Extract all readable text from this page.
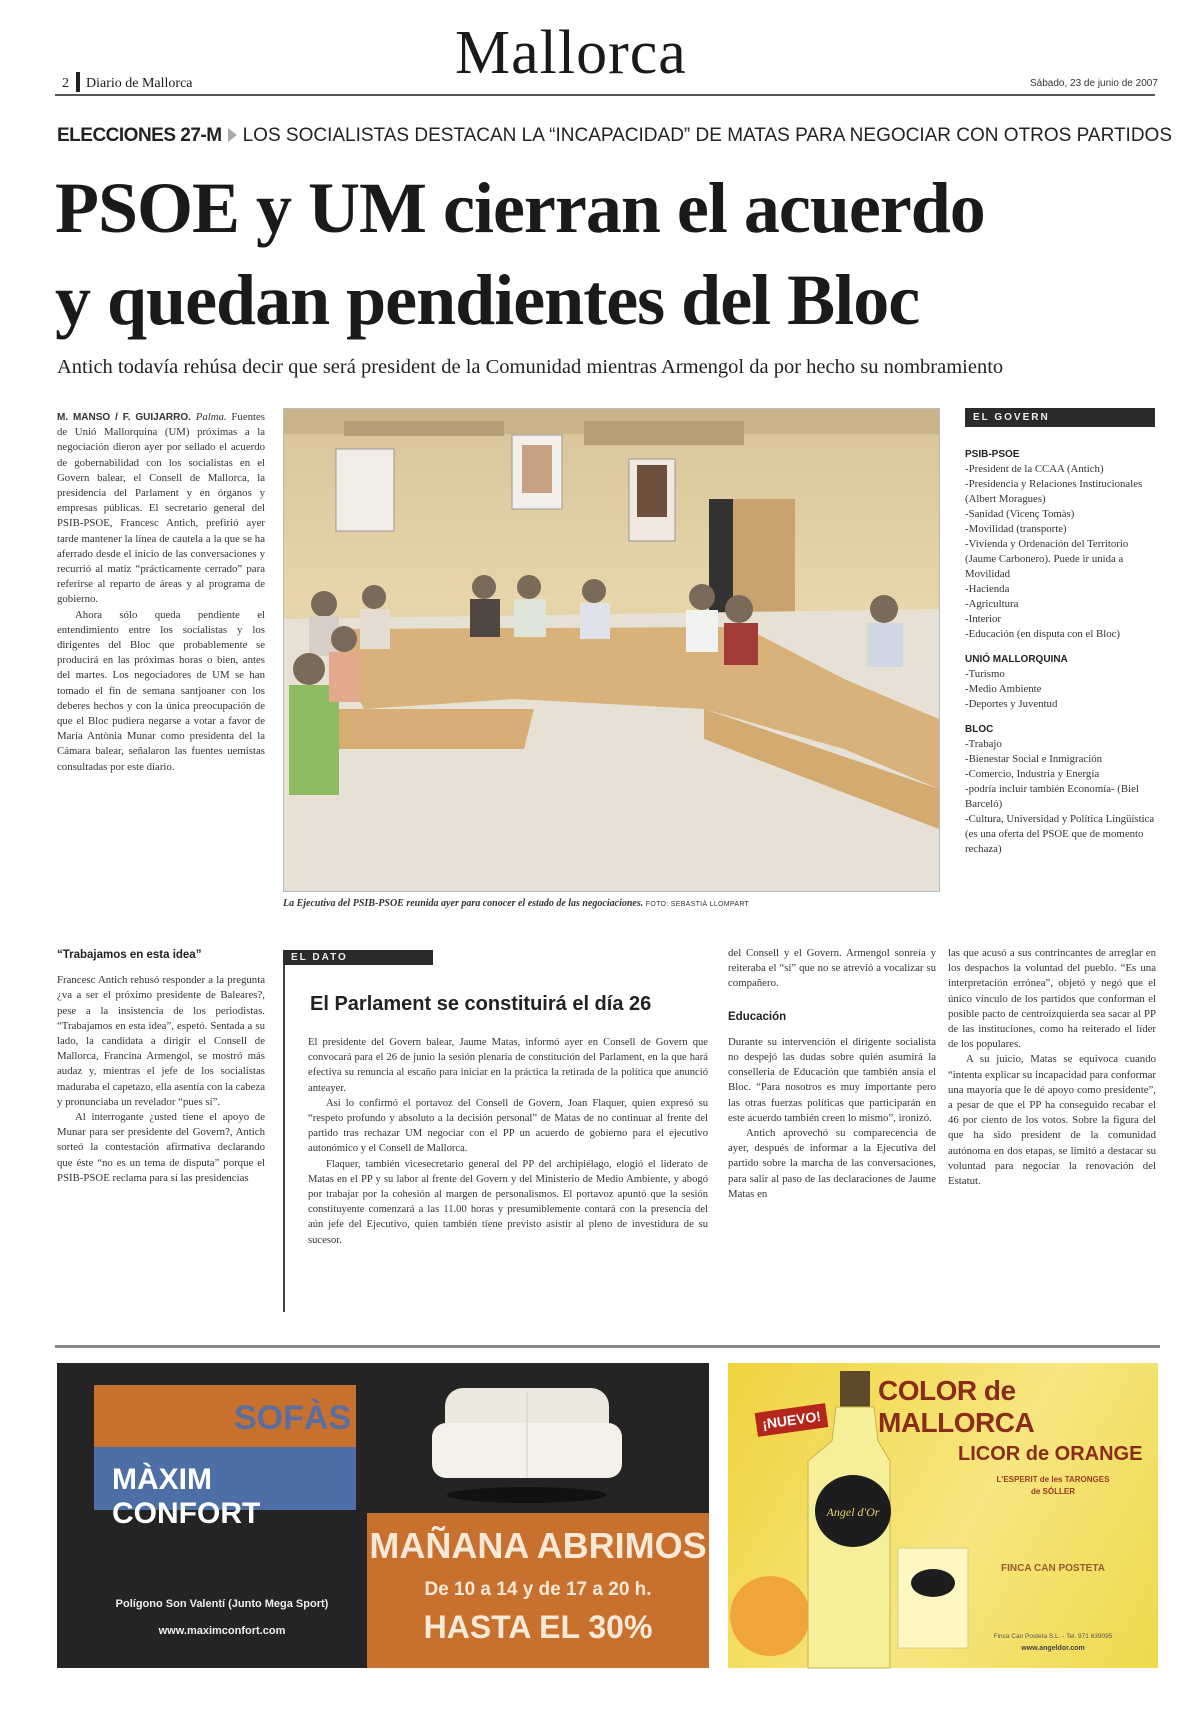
2 Diario de Mallorca	Mallorca	Sábado, 23 de junio de 2007
ELECCIONES 27-M LOS SOCIALISTAS DESTACAN LA “INCAPACIDAD” DE MATAS PARA NEGOCIAR CON OTROS PARTIDOS
PSOE y UM cierran el acuerdo
y quedan pendientes del Bloc
Antich todavía rehúsa decir que será president de la Comunidad mientras Armengol da por hecho su nombramiento

M. MANSO / F. GUIJARRO. Palma. Fuentes de Unió Mallorquina (UM) próximas a la negociación dieron ayer por sellado el acuerdo de gobernabilidad con los socialistas en el Govern balear, el Consell de Mallorca, la presidencia del Parlament y en órganos y empresas públicas. El secretario general del PSIB-PSOE, Francesc Antich, prefirió ayer tarde mantener la línea de cautela a la que se ha aferrado desde el inicio de las conversaciones y recurrió al matiz “prácticamente cerrado” para referirse al reparto de áreas y al programa de gobierno.

Ahora sólo queda pendiente el entendimiento entre los socialistas y los dirigentes del Bloc que probablemente se producirá en las próximas horas o bien, antes del martes. Los negociadores de UM se han tomado el fin de semana santjoaner con los deberes hechos y con la única preocupación de que el Bloc pudiera negarse a votar a favor de Maria Antònia Munar como presidenta del la Cámara balear, señalaron las fuentes uemistas consultadas por este diario.

La Ejecutiva del PSIB-PSOE reunida ayer para conocer el estado de las negociaciones. FOTO: SEBASTIÀ LLOMPART
EL GOVERN
PSIB-PSOE

-President de la CCAA (Antich)

-Presidencia y Relaciones Institucionales (Albert Moragues)

-Sanidad (Vicenç Tomàs)

-Movilidad (transporte)

-Vivienda y Ordenación del Territorio (Jaume Carbonero). Puede ir unida a Movilidad

-Hacienda

-Agricultura

-Interior

-Educación (en disputa con el Bloc)

UNIÓ MALLORQUINA

-Turismo

-Medio Ambiente

-Deportes y Juventud

BLOC

-Trabajo

-Bienestar Social e Inmigración

-Comercio, Industria y Energía

-podría incluir también Economía- (Biel Barceló)

-Cultura, Universidad y Política Lingüística (es una oferta del PSOE que de momento rechaza)

“Trabajamos en esta idea”

Francesc Antich rehusó responder a la pregunta ¿va a ser el próximo presidente de Baleares?, pese a la insistencia de los periodistas. “Trabajamos en esta idea”, espetó. Sentada a su lado, la candidata a dirigir el Consell de Mallorca, Francina Armengol, se mostró más audaz y, mientras el jefe de los socialistas maduraba el capetazo, ella asentía con la cabeza y pronunciaba un revelador “pues sí”.

Al interrogante ¿usted tiene el apoyo de Munar para ser presidente del Govern?, Antich sorteó la contestación afirmativa declarando que éste “no es un tema de disputa” porque el PSIB-PSOE reclama para sí las presidencias

EL DATO
El Parlament se constituirá el día 26

El presidente del Govern balear, Jaume Matas, informó ayer en Consell de Govern que convocará para el 26 de junio la sesión plenaria de constitución del Parlament, en la que hará efectiva su renuncia al escaño para iniciar en la práctica la retirada de la política que anunció anteayer.

Así lo confirmó el portavoz del Consell de Govern, Joan Flaquer, quien expresó su “respeto profundo y absoluto a la decisión personal” de Matas de no continuar al frente del partido tras rechazar UM negociar con el PP un acuerdo de gobierno para el ejecutivo autonómico y el Consell de Mallorca.

Flaquer, también vicesecretario general del PP del archipiélago, elogió el liderato de Matas en el PP y su labor al frente del Govern y del Ministerio de Medio Ambiente, y abogó por trabajar por la cohesión al margen de personalismos. El portavoz apuntó que la sesión constituyente comenzará a las 11.00 horas y presumiblemente contará con la presencia del aún jefe del Ejecutivo, quien también tiene previsto asistir al pleno de investidura de su sucesor.

del Consell y el Govern. Armengol sonreía y reiteraba el “sí” que no se atrevió a vocalizar su compañero.

Educación

Durante su intervención el dirigente socialista no despejó las dudas sobre quién asumirá la conselleria de Educación que también ansía el Bloc. “Para nosotros es muy importante pero las otras fuerzas políticas que participarán en este acuerdo también creen lo mismo”, ironizó.

Antich aprovechó su comparecencia de ayer, después de informar a la Ejecutiva del partido sobre la marcha de las conversaciones, para salir al paso de las declaraciones de Jaume Matas en

las que acusó a sus contrincantes de arreglar en los despachos la voluntad del pueblo. “Es una interpretación errónea”, objetó y negó que el único vínculo de los partidos que conforman el posible pacto de centroizquierda sea sacar al PP de las instituciones, como ha reiterado el líder de los populares.

A su juicio, Matas se equivoca cuando “intenta explicar su incapacidad para conformar una mayoría que le dé apoyo como presidente”, a pesar de que el PP ha conseguido recabar el 46 por ciento de los votos. Sobre la figura del que ha sido president de la comunidad autónoma en dos etapas, se limitó a destacar su voluntad para negociar la renovación del Estatut.

SOFÀS
MÀXIM CONFORT
MAÑANA ABRIMOS
De 10 a 14 y de 17 a 20 h.
HASTA EL 30%
Polígono Son Valentí (Junto Mega Sport)
www.maximconfort.com
COLOR de MALLORCA
¡NUEVO!
Angel d'Or
LICOR de ORANGE
L'ESPERIT de les TARONGES
de SÓLLER
FINCA CAN POSTETA
Finca Can Posteta S.L. - Tel. 971 639095
www.angeldor.com
